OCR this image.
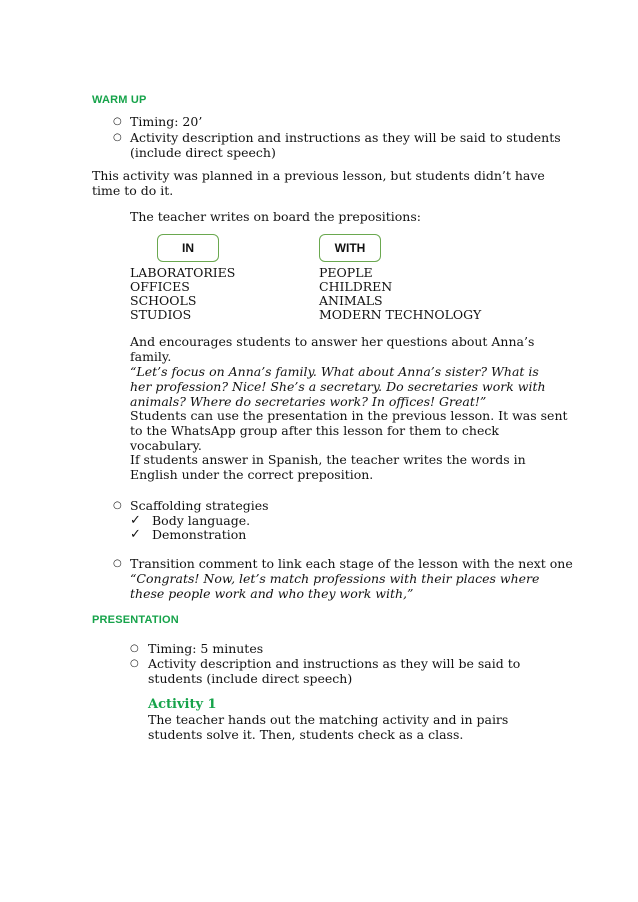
WARM UP
○ Timing: 20’
○ Activity description and instructions as they will be said to students
(include direct speech)
This activity was planned in a previous lesson, but students didn’t have
time to do it.
The teacher writes on board the prepositions:
IN	WITH
LABORATORIES
OFFICES
SCHOOLS
STUDIOS
PEOPLE
CHILDREN
ANIMALS
MODERN TECHNOLOGY
And encourages students to answer her questions about Anna’s
family.
“Let’s focus on Anna’s family. What about Anna’s sister? What is
her profession? Nice! She’s a secretary. Do secretaries work with
animals? Where do secretaries work? In offices! Great!”
Students can use the presentation in the previous lesson. It was sent
to the WhatsApp group after this lesson for them to check
vocabulary.
If students answer in Spanish, the teacher writes the words in
English under the correct preposition.
○ Scaffolding strategies
✓ Body language.
✓ Demonstration
○ Transition comment to link each stage of the lesson with the next one
“Congrats! Now, let’s match professions with their places where
these people work and who they work with,”
PRESENTATION
○ Timing: 5 minutes
○ Activity description and instructions as they will be said to
students (include direct speech)
Activity 1
The teacher hands out the matching activity and in pairs
students solve it. Then, students check as a class.
